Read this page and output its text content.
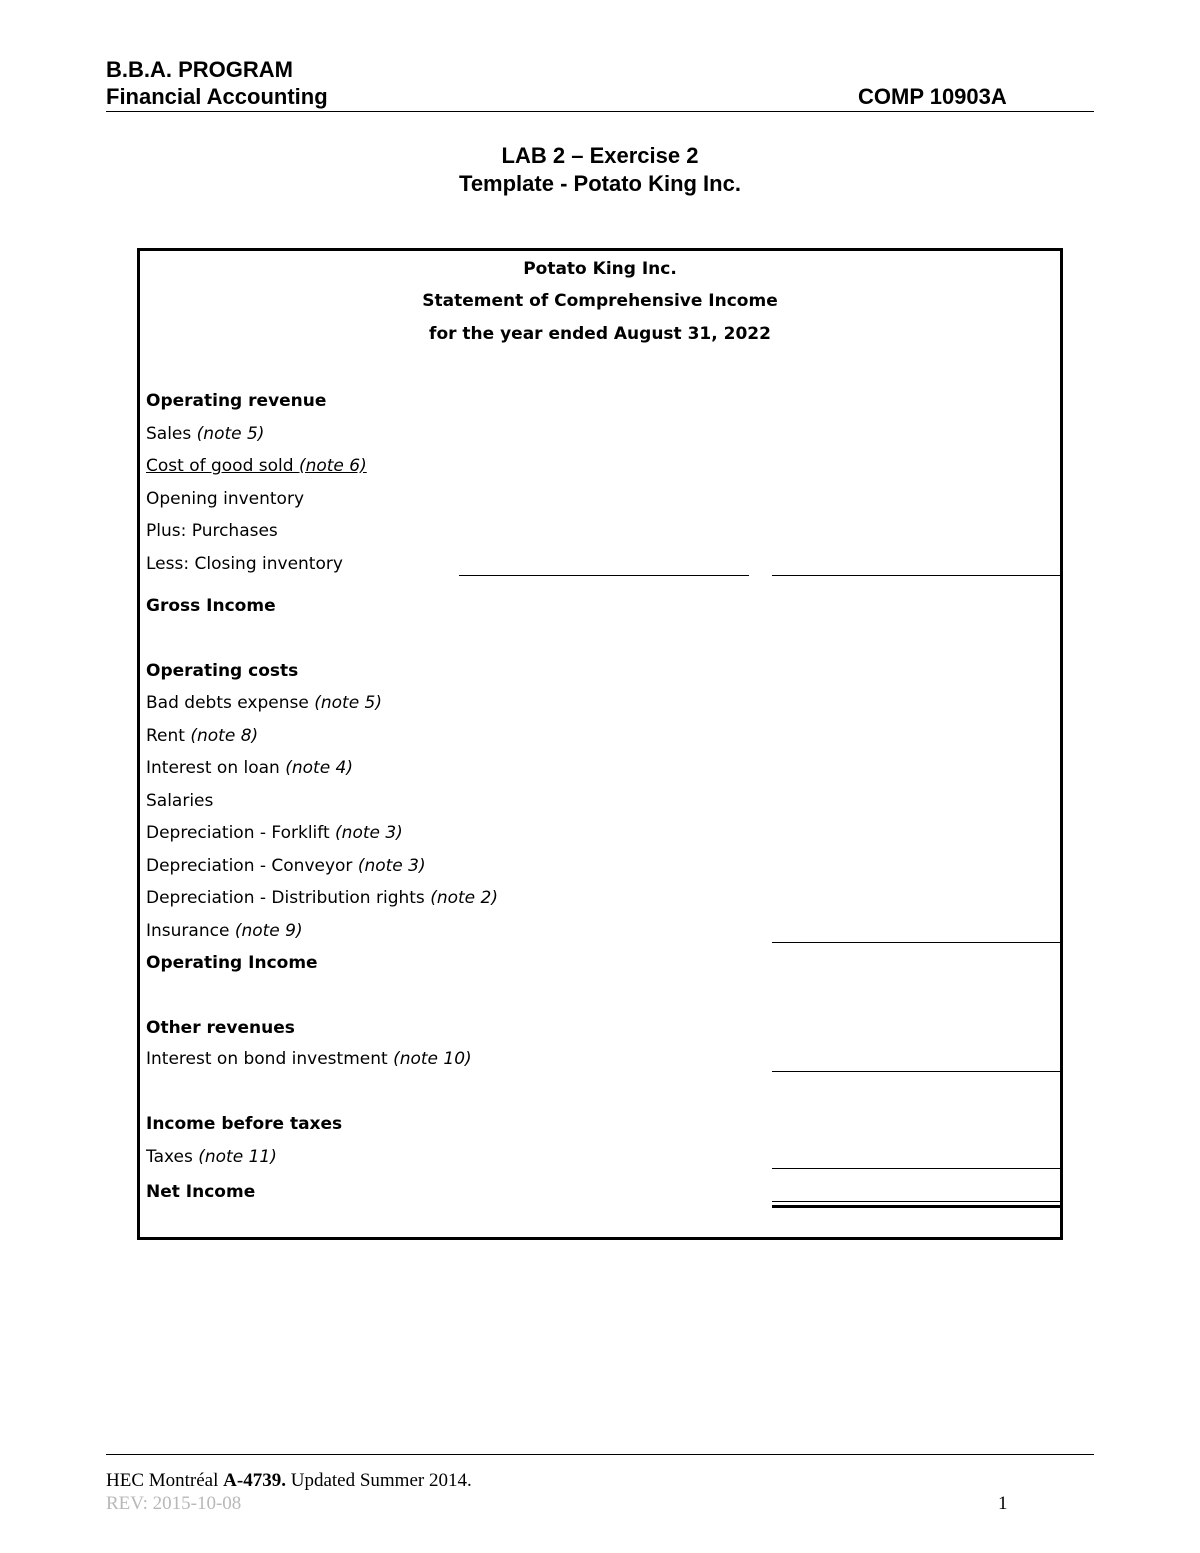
B.B.A. PROGRAM
Financial Accounting	COMP 10903A
LAB 2 – Exercise 2
Template - Potato King Inc.
Potato King Inc.
Statement of Comprehensive Income
for the year ended August 31, 2022
Operating revenue
Sales (note 5)
Cost of good sold (note 6)
Opening inventory
Plus: Purchases
Less: Closing inventory
Gross Income
Operating costs
Bad debts expense (note 5)
Rent (note 8)
Interest on loan (note 4)
Salaries
Depreciation - Forklift (note 3)
Depreciation - Conveyor (note 3)
Depreciation - Distribution rights (note 2)
Insurance (note 9)
Operating Income
Other revenues
Interest on bond investment (note 10)
Income before taxes
Taxes (note 11)
Net Income
HEC Montréal A-4739. Updated Summer 2014.
REV: 2015-10-08	1
